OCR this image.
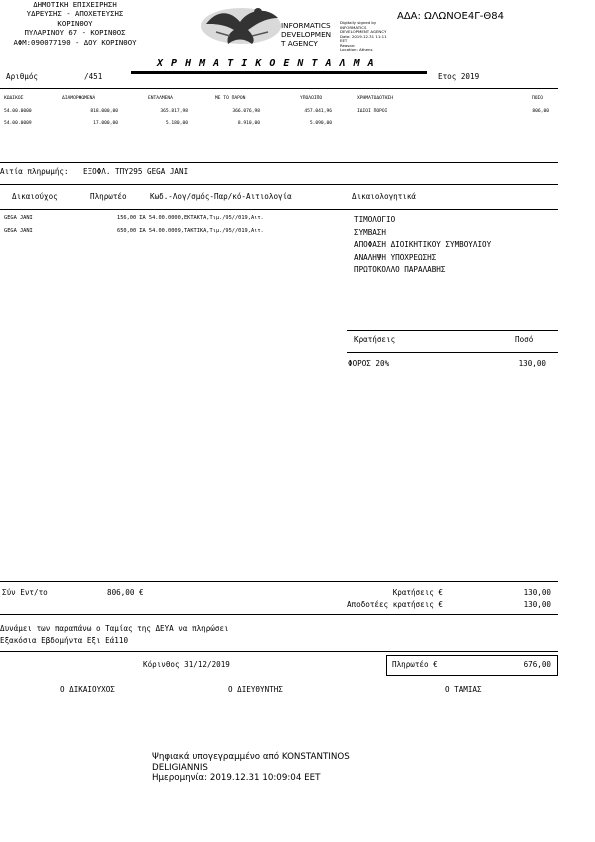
ΔΗΜΟΤΙΚΗ ΕΠΙΧΕΙΡΗΣΗ
ΥΔΡΕΥΣΗΣ - ΑΠΟΧΕΤΕΥΣΗΣ
ΚΟΡΙΝΘΟΥ
ΠΥΛΑΡΙΝΟΥ 67 - ΚΟΡΙΝΘΟΣ
ΑΦΜ:090077190 - ΔΟΥ ΚΟΡΙΝΘΟΥ
INFORMATICS
DEVELOPMEN
T AGENCY
Digitally signed by
INFORMATICS
DEVELOPMENT AGENCY
Date: 2019.12.31 11:11
EET
Reason:
Location: Athens
ΑΔΑ: ΩΛΩΝΟΕ4Γ-Θ84
Χ Ρ Η Μ Α Τ Ι Κ Ο Ε Ν Τ Α Λ Μ Α
Αριθμός	/451	Ετος 2019
ΚΩΔΙΚΟΣ	ΔΙΑΜΟΡΦΩΜΕΝΑ	ΕΝΤΑΛΜΕΝΑ	ΜΕ ΤΟ ΠΑΡΟΝ	ΥΠΟΛΟΙΠΟ	ΧΡΗΜΑΤΟΔΟΤΗΣΗ	ΠΟΣΟ
54.00.0000	818.000,00	365.817,98	366.076,98	457.041,96	ΙΔΙΟΙ ΠΟΡΟΙ	806,00
54.00.0009	17.000,00	5.180,00	8.910,00	5.090,00
Αιτία πληρωμής: ΕΞΟΦΛ. ΤΠΥ295 GEGA JANI
Δικαιούχος	Πληρωτέο	Κωδ.-Λογ/σμός-Παρ/κό-Αιτιολογία	Δικαιολογητικά
GEGA JANI	156,00 ΣΑ 54.00.0000,ΕΚΤΑΚΤΑ,Τιμ./95//019,Αιτ.
GEGA JANI	650,00 ΣΑ 54.00.0009,ΤΑΚΤΙΚΑ,Τιμ./95//019,Αιτ.
ΤΙΜΟΛΟΓΙΟ
ΣΥΜΒΑΣΗ
ΑΠΟΦΑΣΗ ΔΙΟΙΚΗΤΙΚΟΥ ΣΥΜΒΟΥΛΙΟΥ
ΑΝΑΛΗΨΗ ΥΠΟΧΡΕΩΣΗΣ
ΠΡΩΤΟΚΟΛΛΟ ΠΑΡΑΛΑΒΗΣ
Κρατήσεις	Ποσό
ΦΟΡΟΣ 20%	130,00
Σύν Εντ/το	806,00 €	Κρατήσεις €	130,00
Αποδοτέες κρατήσεις €	130,00
Δυνάμει των παραπάνω ο Ταμίας της ΔΕΥΑ να πληρώσει
Εξακόσια Εβδομήντα Εξι Eά110
Κόρινθος 31/12/2019	Πληρωτέο €	676,00
Ο ΔΙΚΑΙΟΥΧΟΣ	Ο ΔΙΕΥΘΥΝΤΗΣ	Ο ΤΑΜΙΑΣ
Ψηφιακά υπογεγραμμένο από KONSTANTINOS
DELIGIANNIS
Ημερομηνία: 2019.12.31 10:09:04 EET
